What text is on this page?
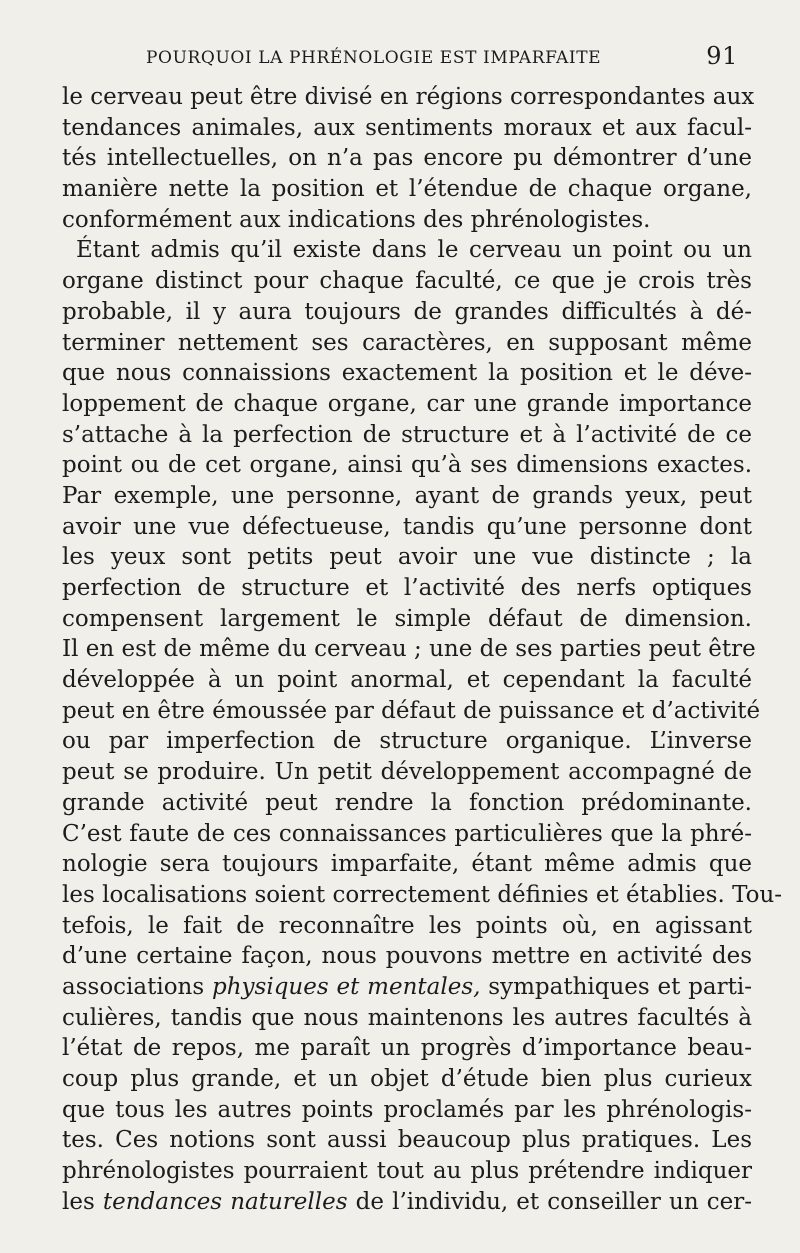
POURQUOI LA PHRÉNOLOGIE EST IMPARFAITE	91
le cerveau peut être divisé en régions correspondantes aux
tendances animales, aux sentiments moraux et aux facul-
tés intellectuelles, on n’a pas encore pu démontrer d’une
manière nette la position et l’étendue de chaque organe,
conformément aux indications des phrénologistes.
Étant admis qu’il existe dans le cerveau un point ou un
organe distinct pour chaque faculté, ce que je crois très
probable, il y aura toujours de grandes difficultés à dé-
terminer nettement ses caractères, en supposant même
que nous connaissions exactement la position et le déve-
loppement de chaque organe, car une grande importance
s’attache à la perfection de structure et à l’activité de ce
point ou de cet organe, ainsi qu’à ses dimensions exactes.
Par exemple, une personne, ayant de grands yeux, peut
avoir une vue défectueuse, tandis qu’une personne dont
les yeux sont petits peut avoir une vue distincte ; la
perfection de structure et l’activité des nerfs optiques
compensent largement le simple défaut de dimension.
Il en est de même du cerveau ; une de ses parties peut être
développée à un point anormal, et cependant la faculté
peut en être émoussée par défaut de puissance et d’activité
ou par imperfection de structure organique. L’inverse
peut se produire. Un petit développement accompagné de
grande activité peut rendre la fonction prédominante.
C’est faute de ces connaissances particulières que la phré-
nologie sera toujours imparfaite, étant même admis que
les localisations soient correctement définies et établies. Tou-
tefois, le fait de reconnaître les points où, en agissant
d’une certaine façon, nous pouvons mettre en activité des
associations physiques et mentales, sympathiques et parti-
culières, tandis que nous maintenons les autres facultés à
l’état de repos, me paraît un progrès d’importance beau-
coup plus grande, et un objet d’étude bien plus curieux
que tous les autres points proclamés par les phrénologis-
tes. Ces notions sont aussi beaucoup plus pratiques. Les
phrénologistes pourraient tout au plus prétendre indiquer
les tendances naturelles de l’individu, et conseiller un cer-
